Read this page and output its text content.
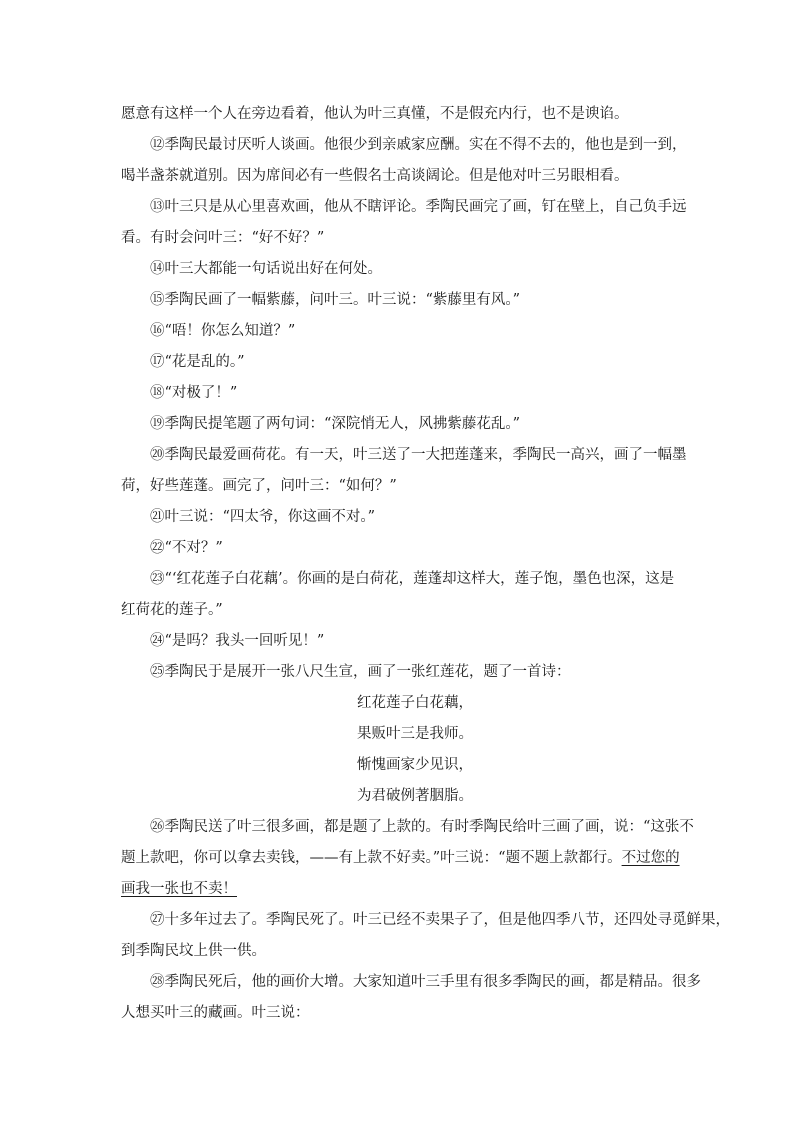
愿意有这样一个人在旁边看着，他认为叶三真懂，不是假充内行，也不是谀谄。
⑫季陶民最讨厌听人谈画。他很少到亲戚家应酬。实在不得不去的，他也是到一到，
喝半盏茶就道别。因为席间必有一些假名士高谈阔论。但是他对叶三另眼相看。
⑬叶三只是从心里喜欢画，他从不瞎评论。季陶民画完了画，钉在壁上，自己负手远
看。有时会问叶三：“好不好？”
⑭叶三大都能一句话说出好在何处。
⑮季陶民画了一幅紫藤，问叶三。叶三说：“紫藤里有风。”
⑯“唔！你怎么知道？”
⑰“花是乱的。”
⑱“对极了！”
⑲季陶民提笔题了两句词：“深院悄无人，风拂紫藤花乱。”
⑳季陶民最爱画荷花。有一天，叶三送了一大把莲蓬来，季陶民一高兴，画了一幅墨
荷，好些莲蓬。画完了，问叶三：“如何？”
㉑叶三说：“四太爷，你这画不对。”
㉒“不对？”
㉓“‘红花莲子白花藕’。你画的是白荷花，莲蓬却这样大，莲子饱，墨色也深，这是
红荷花的莲子。”
㉔“是吗？我头一回听见！”
㉕季陶民于是展开一张八尺生宣，画了一张红莲花，题了一首诗：
红花莲子白花藕，
果贩叶三是我师。
惭愧画家少见识，
为君破例著胭脂。
㉖季陶民送了叶三很多画，都是题了上款的。有时季陶民给叶三画了画，说：“这张不
题上款吧，你可以拿去卖钱，——有上款不好卖。”叶三说：“题不题上款都行。不过您的
画我一张也不卖！
㉗十多年过去了。季陶民死了。叶三已经不卖果子了，但是他四季八节，还四处寻觅鲜果，
到季陶民坟上供一供。
㉘季陶民死后，他的画价大增。大家知道叶三手里有很多季陶民的画，都是精品。很多
人想买叶三的藏画。叶三说：
